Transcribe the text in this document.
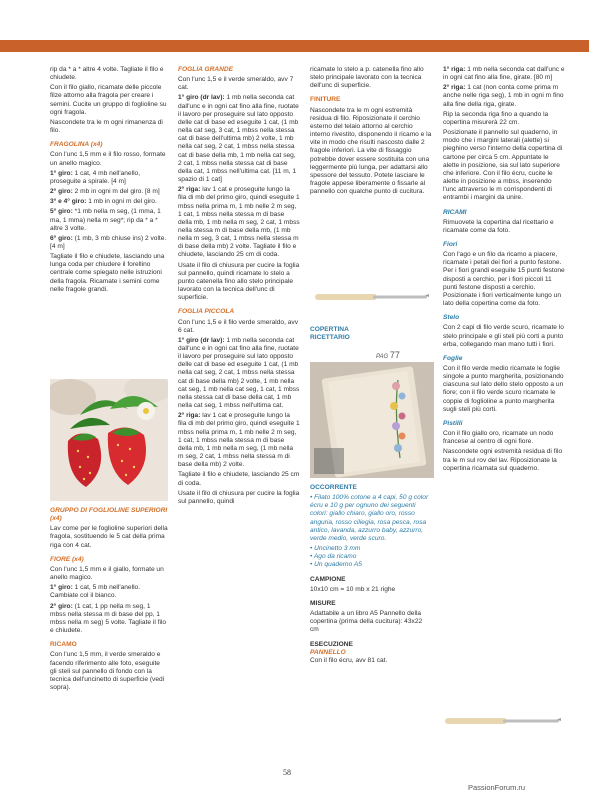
rip da * a * altre 4 volte. Tagliate il filo e chiudete.

Con il filo giallo, ricamate delle piccole filze attorno alla fragola per creare i semini. Cucite un gruppo di foglioline su ogni fragola.

Nascondete tra le m ogni rimanenza di filo.

FRAGOLINA (x4)

Con l'unc 1,5 mm e il filo rosso, formate un anello magico.

1° giro: 1 cat, 4 mb nell'anello, proseguite a spirale. [4 m]

2° giro: 2 mb in ogni m del giro. [8 m]

3° e 4° giro: 1 mb in ogni m del giro.

5° giro: *1 mb nella m seg, (1 mma, 1 ma, 1 mma) nella m seg*; rip da * a * altre 3 volte.

6° giro: (1 mb, 3 mb chiuse ins) 2 volte. [4 m]

Tagliate il filo e chiudete, lasciando una lunga coda per chiudere il forellino centrale come spiegato nelle istruzioni della fragola. Ricamate i semini come nelle fragole grandi.

GRUPPO DI FOGLIOLINE SUPERIORI (x4)

Lav come per le foglioline superiori della fragola, sostituendo le 5 cat della prima riga con 4 cat.

FIORE (x4)

Con l'unc 1,5 mm e il giallo, formate un anello magico.

1° giro: 1 cat, 5 mb nell'anello. Cambiate col il bianco.

2° giro: (1 cat, 1 pp nella m seg, 1 mbss nella stessa m di base del pp, 1 mbss nella m seg) 5 volte. Tagliate il filo e chiudete.

RICAMO

Con l'unc 1,5 mm, il verde smeraldo e facendo riferimento alle foto, eseguite gli steli sul pannello di fondo con la tecnica dell'uncinetto di superficie (vedi sopra).

FOGLIA GRANDE

Con l'unc 1,5 e il verde smeraldo, avv 7 cat.

1° giro (dr lav): 1 mb nella seconda cat dall'unc e in ogni cat fino alla fine, ruotate il lavoro per proseguire sul lato opposto delle cat di base ed eseguite 1 cat, (1 mb nella cat seg, 3 cat, 1 mbss nella stessa cat di base dell'ultima mb) 2 volte, 1 mb nella cat seg, 2 cat, 1 mbss nella stessa cat di base della mb, 1 mb nella cat seg, 2 cat, 1 mbss nella stessa cat di base della cat, 1 mbss nell'ultima cat. [11 m, 1 spazio di 1 cat]

2° riga: lav 1 cat e proseguite lungo la fila di mb del primo giro, quindi eseguite 1 mbss nella prima m, 1 mb nelle 2 m seg, 1 cat, 1 mbss nella stessa m di base della mb, 1 mb nella m seg, 2 cat, 1 mbss nella stessa m di base della mb, (1 mb nella m seg, 3 cat, 1 mbss nella stessa m di base della mb) 2 volte. Tagliate il filo e chiudete, lasciando 25 cm di coda.

Usate il filo di chiusura per cucire la foglia sul pannello, quindi ricamate lo stelo a punto catenella fino allo stelo principale lavorato con la tecnica dell'unc di superficie.

FOGLIA PICCOLA

Con l'unc 1,5 e il filo verde smeraldo, avv 6 cat.

1° giro (dr lav): 1 mb nella seconda cat dall'unc e in ogni cat fino alla fine, ruotate il lavoro per proseguire sul lato opposto delle cat di base ed eseguite 1 cat, (1 mb nella cat seg, 2 cat, 1 mbss nella stessa cat di base della mb) 2 volte, 1 mb nella cat seg, 1 mb nella cat seg, 1 cat, 1 mbss nella stessa cat di base della cat, 1 mb nella cat seg, 1 mbss nell'ultima cat.

2° riga: lav 1 cat e proseguite lungo la fila di mb del primo giro, quindi eseguite 1 mbss nella prima m, 1 mb nelle 2 m seg, 1 cat, 1 mbss nella stessa m di base della mb, 1 mb nella m seg, (1 mb nella m seg, 2 cat, 1 mbss nella stessa m di base della mb) 2 volte.

Tagliate il filo e chiudete, lasciando 25 cm di coda.

Usate il filo di chiusura per cucire la foglia sul pannello, quindi

ricamate lo stelo a p. catenella fino allo stelo principale lavorato con la tecnica dell'unc di superficie.

FINITURE

Nascondete tra le m ogni estremità residua di filo. Riposizionate il cerchio esterno del telaio attorno al cerchio interno rivestito, disponendo il ricamo e la vite in modo che risulti nascosto dalle 2 fragole inferiori. La vite di fissaggio potrebbe dover essere sostituita con una leggermente più lunga, per adattarsi allo spessore del tessuto. Potete lasciare le fragole appese liberamente o fissarle al pannello con qualche punto di cucitura.

COPERTINA RICETTARIO

PAG 77

OCCORRENTE

• Filato 100% cotone a 4 capi, 50 g color écru e 10 g per ognuno dei seguenti colori: giallo chiaro, giallo oro, rosso anguria, rosso ciliegia, rosa pesca, rosa antico, lavanda, azzurro baby, azzurro, verde medio, verde scuro.

• Uncinetto 3 mm

• Ago da ricamo

• Un quaderno A5

CAMPIONE

10x10 cm = 10 mb x 21 righe

MISURE

Adattabile a un libro A5 Pannello della copertina (prima della cucitura): 43x22 cm

ESECUZIONE

PANNELLO

Con il filo écru, avv 81 cat.

1° riga: 1 mb nella seconda cat dall'unc e in ogni cat fino alla fine, girate. [80 m]

2° riga: 1 cat (non conta come prima m anche nelle riga seg), 1 mb in ogni m fino alla fine della riga, girate.

Rip la seconda riga fino a quando la copertina misurerà 22 cm.

Posizionate il pannello sul quaderno, in modo che i margini laterali (alette) si pieghino verso l'interno della copertina di cartone per circa 5 cm. Appuntate le alette in posizione, sia sul lato superiore che inferiore. Con il filo écru, cucite le alette in posizione a mbss, inserendo l'unc attraverso le m corrispondenti di entrambi i margini da unire.

RICAMI

Rimuovete la copertina dal ricettario e ricamate come da foto.

Fiori

Con l'ago e un filo da ricamo a piacere, ricamate i petali dei fiori a punto festone. Per i fiori grandi eseguite 15 punti festone disposti a cerchio, per i fiori piccoli 11 punti festone disposti a cerchio. Posizionate i fiori verticalmente lungo un lato della copertina come da foto.

Stelo

Con 2 capi di filo verde scuro, ricamate lo stelo principale e gli steli più corti a punto erba, collegando man mano tutti i fiori.

Foglie

Con il filo verde medio ricamate le foglie singole a punto margherita, posizionando ciascuna sul lato dello stelo opposto a un fiore; con il filo verde scuro ricamate le coppie di foglioline a punto margherita sugli steli più corti.

Pistilli

Con il filo giallo oro, ricamate un nodo francese al centro di ogni fiore.

Nascondete ogni estremità residua di filo tra le m sul rov del lav. Riposizionate la copertina ricamata sul quaderno.

58
PassionForum.ru
